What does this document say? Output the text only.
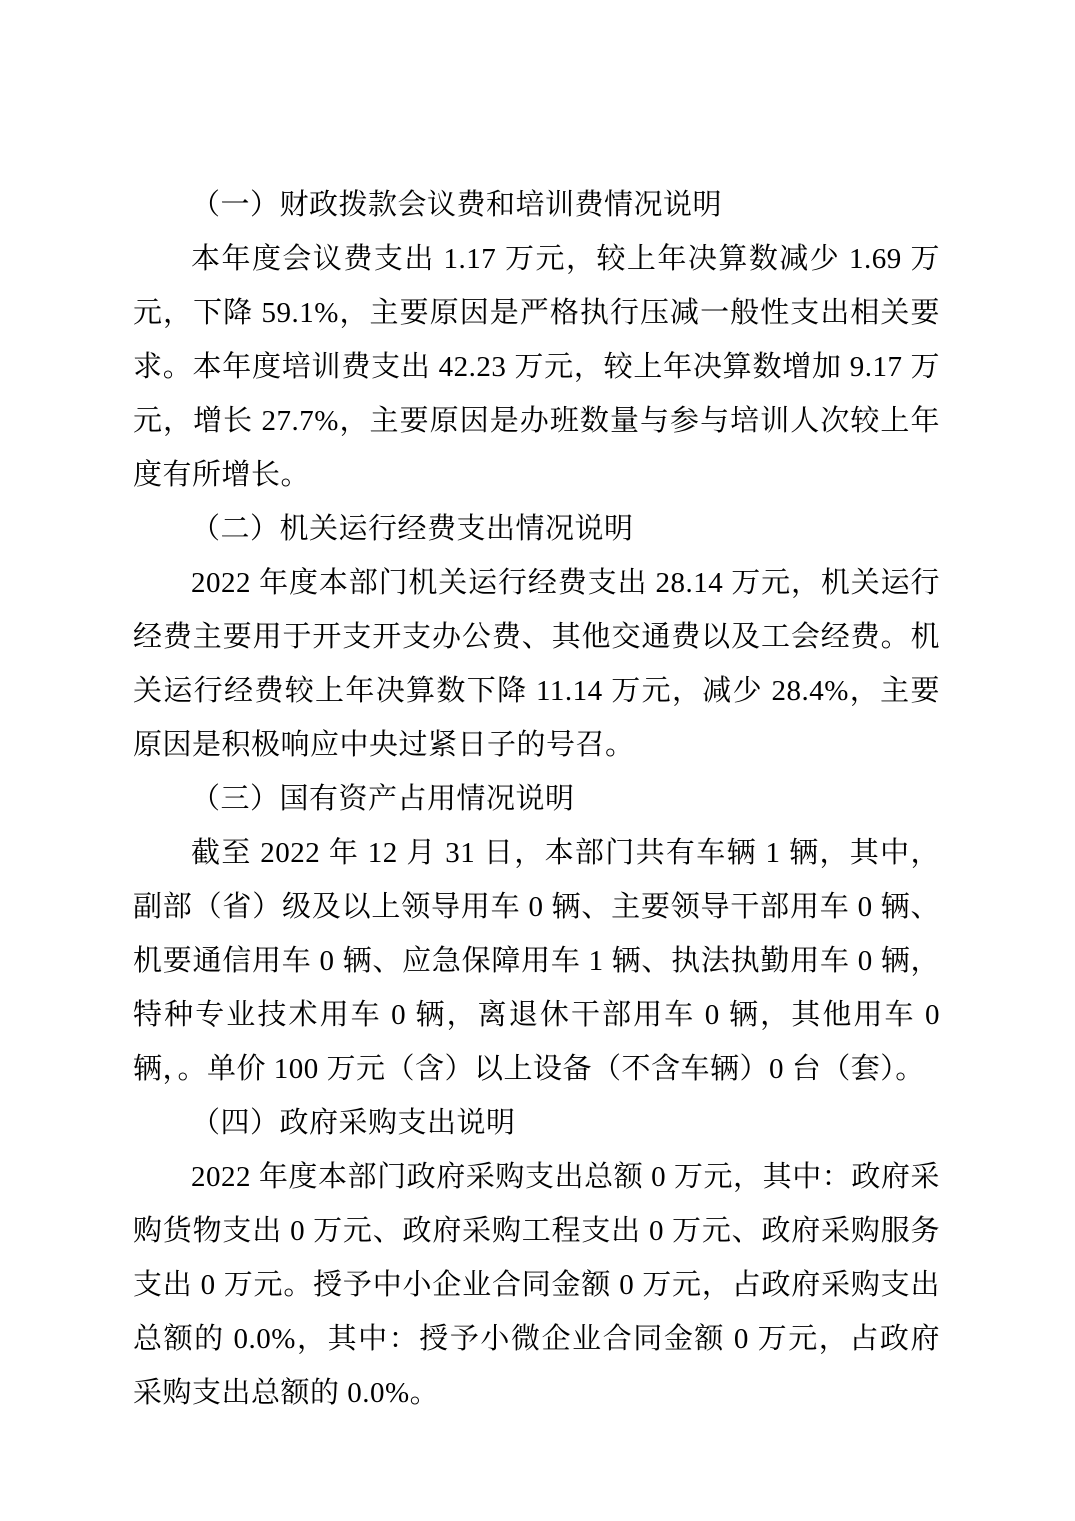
（一）财政拨款会议费和培训费情况说明

本年度会议费支出 1.17 万元，较上年决算数减少 1.69 万元，下降 59.1%，主要原因是严格执行压减一般性支出相关要求。本年度培训费支出 42.23 万元，较上年决算数增加 9.17 万元，增长 27.7%，主要原因是办班数量与参与培训人次较上年度有所增长。

（二）机关运行经费支出情况说明

2022 年度本部门机关运行经费支出 28.14 万元，机关运行经费主要用于开支开支办公费、其他交通费以及工会经费。机关运行经费较上年决算数下降 11.14 万元，减少 28.4%，主要原因是积极响应中央过紧日子的号召。

（三）国有资产占用情况说明

截至 2022 年 12 月 31 日，本部门共有车辆 1 辆，其中，副部（省）级及以上领导用车 0 辆、主要领导干部用车 0 辆、机要通信用车 0 辆、应急保障用车 1 辆、执法执勤用车 0 辆，特种专业技术用车 0 辆，离退休干部用车 0 辆，其他用车 0 辆，。单价 100 万元（含）以上设备（不含车辆）0 台（套）。

（四）政府采购支出说明

2022 年度本部门政府采购支出总额 0 万元，其中：政府采购货物支出 0 万元、政府采购工程支出 0 万元、政府采购服务支出 0 万元。授予中小企业合同金额 0 万元，占政府采购支出总额的 0.0%，其中：授予小微企业合同金额 0 万元，占政府采购支出总额的 0.0%。
